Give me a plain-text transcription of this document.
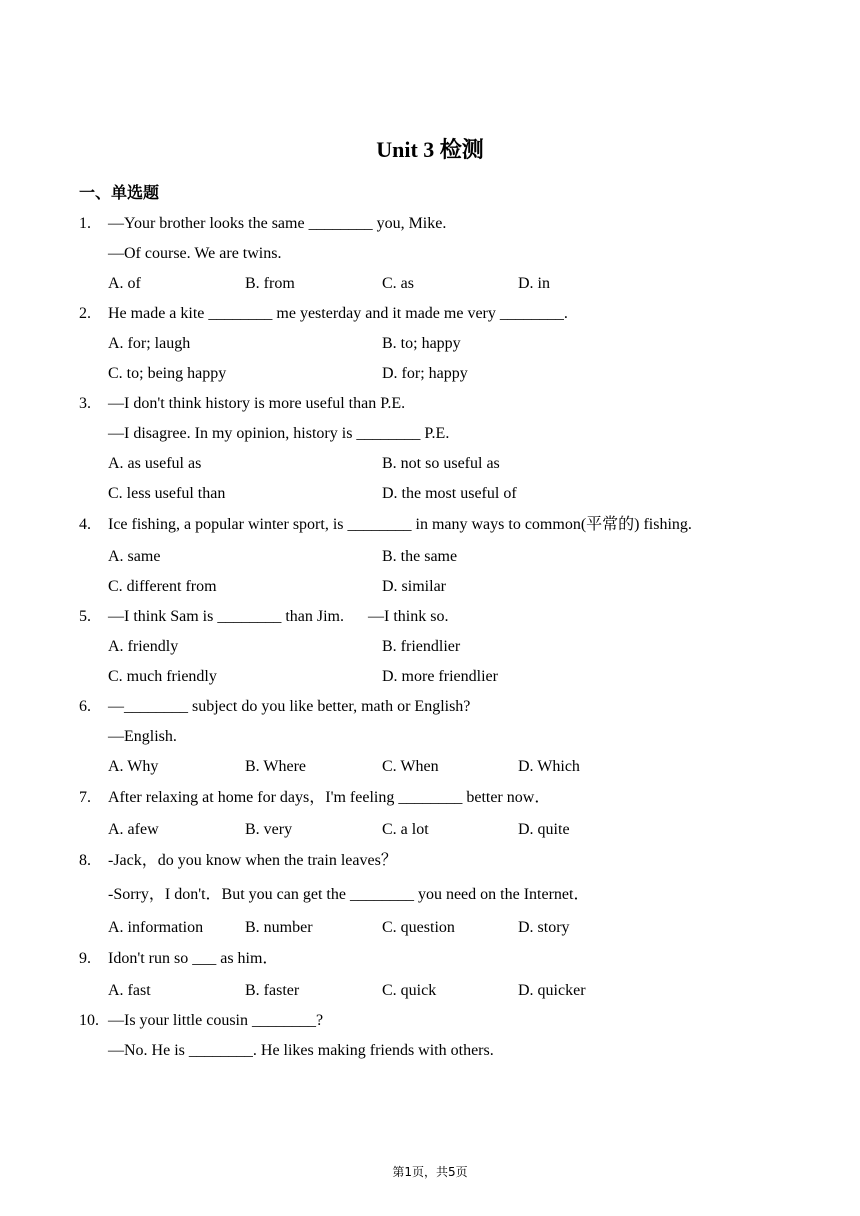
Unit 3 检测
一、单选题
1. —Your brother looks the same ________ you, Mike.
—Of course. We are twins.
A. of	B. from	C. as	D. in
2. He made a kite ________ me yesterday and it made me very ________.
A. for; laugh	B. to; happy
C. to; being happy	D. for; happy
3. —I don't think history is more useful than P.E.
—I disagree. In my opinion, history is ________ P.E.
A. as useful as	B. not so useful as
C. less useful than	D. the most useful of
4. Ice fishing, a popular winter sport, is ________ in many ways to common(平常的) fishing.
A. same	B. the same
C. different from	D. similar
5. —I think Sam is ________ than Jim.      —I think so.
A. friendly	B. friendlier
C. much friendly	D. more friendlier
6. —________ subject do you like better, math or English?
—English.
A. Why	B. Where	C. When	D. Which
7. After relaxing at home for days，I'm feeling ________ better now．
A. afew	B. very	C. a lot	D. quite
8. -Jack，do you know when the train leaves？
-Sorry，I don't．But you can get the ________ you need on the Internet．
A. information	B. number	C. question	D. story
9. Idon't run so ___ as him．
A. fast	B. faster	C. quick	D. quicker
10. —Is your little cousin ________?
—No. He is ________. He likes making friends with others.
第1页，共5页
